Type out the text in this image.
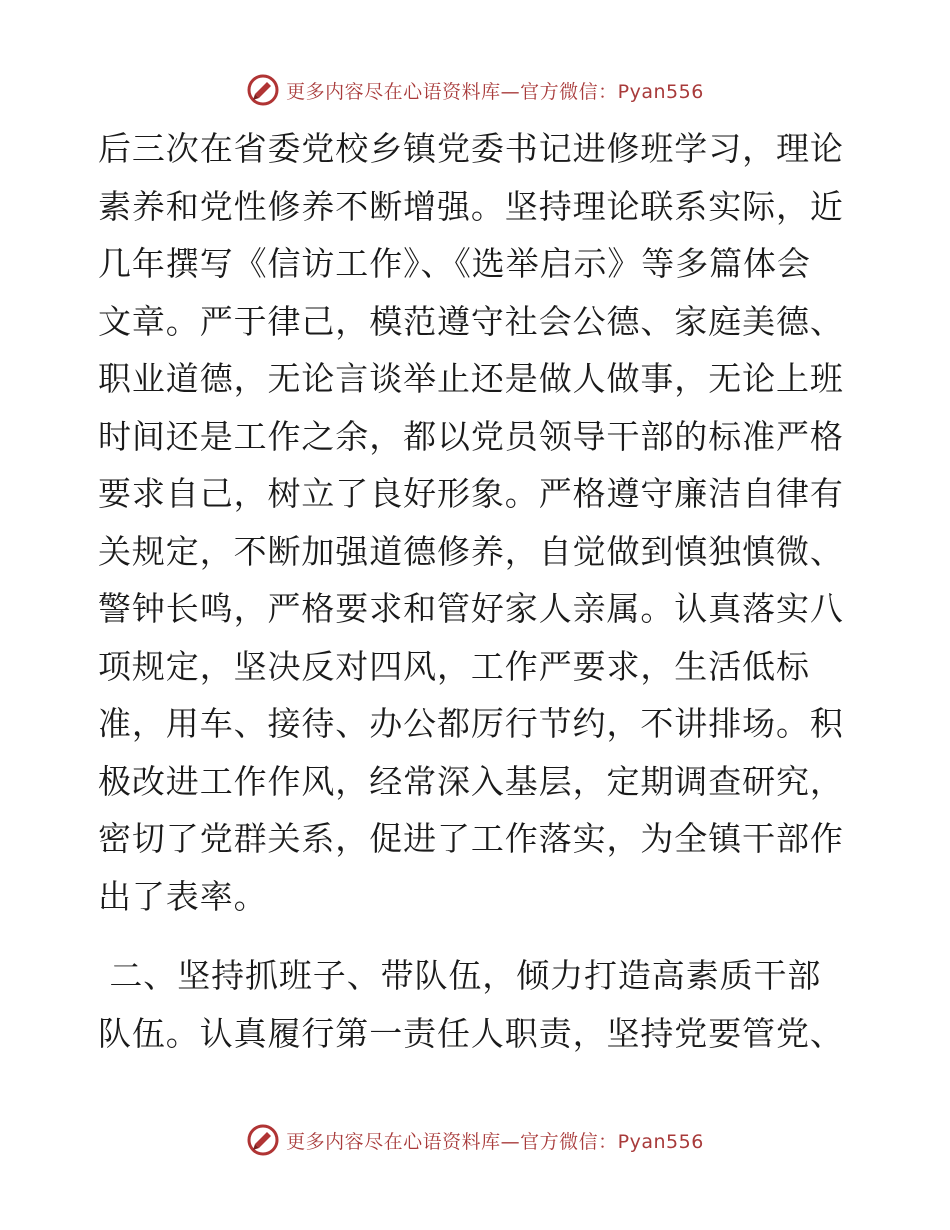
更多内容尽在心语资料库—官方微信：Pyan556
后三次在省委党校乡镇党委书记进修班学习，理论
素养和党性修养不断增强。坚持理论联系实际，近
几年撰写《信访工作》、《选举启示》等多篇体会
文章。严于律己，模范遵守社会公德、家庭美德、
职业道德，无论言谈举止还是做人做事，无论上班
时间还是工作之余，都以党员领导干部的标准严格
要求自己，树立了良好形象。严格遵守廉洁自律有
关规定，不断加强道德修养，自觉做到慎独慎微、
警钟长鸣，严格要求和管好家人亲属。认真落实八
项规定，坚决反对四风，工作严要求，生活低标
准，用车、接待、办公都厉行节约，不讲排场。积
极改进工作作风，经常深入基层，定期调查研究，
密切了党群关系，促进了工作落实，为全镇干部作
出了表率。
二、坚持抓班子、带队伍，倾力打造高素质干部
队伍。认真履行第一责任人职责，坚持党要管党、
更多内容尽在心语资料库—官方微信：Pyan556
